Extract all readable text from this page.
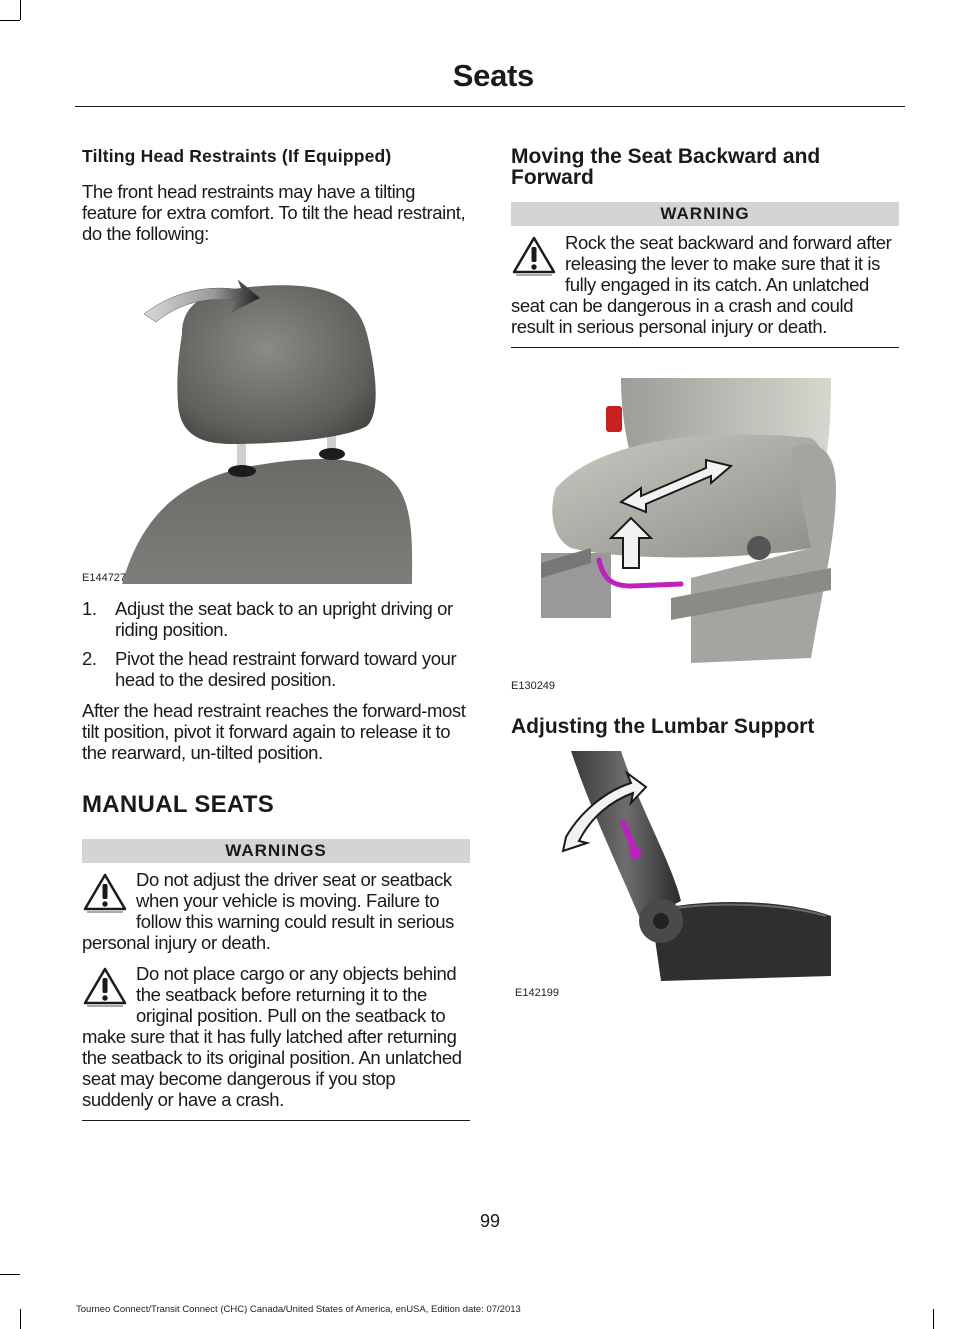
Seats
Tilting Head Restraints (If Equipped)

The front head restraints may have a tilting feature for extra comfort. To tilt the head restraint, do the following:

E144727
1. Adjust the seat back to an upright driving or riding position.
2. Pivot the head restraint forward toward your head to the desired position.

After the head restraint reaches the forward-most tilt position, pivot it forward again to release it to the rearward, un-tilted position.

MANUAL SEATS
WARNINGS

Do not adjust the driver seat or seatback when your vehicle is moving. Failure to follow this warning could result in serious personal injury or death.

Do not place cargo or any objects behind the seatback before returning it to the original position. Pull on the seatback to make sure that it has fully latched after returning the seatback to its original position. An unlatched seat may become dangerous if you stop suddenly or have a crash.

Moving the Seat Backward and Forward
WARNING

Rock the seat backward and forward after releasing the lever to make sure that it is fully engaged in its catch. An unlatched seat can be dangerous in a crash and could result in serious personal injury or death.

E130249
Adjusting the Lumbar Support
E142199
99
Tourneo Connect/Transit Connect (CHC) Canada/United States of America, enUSA, Edition date: 07/2013
